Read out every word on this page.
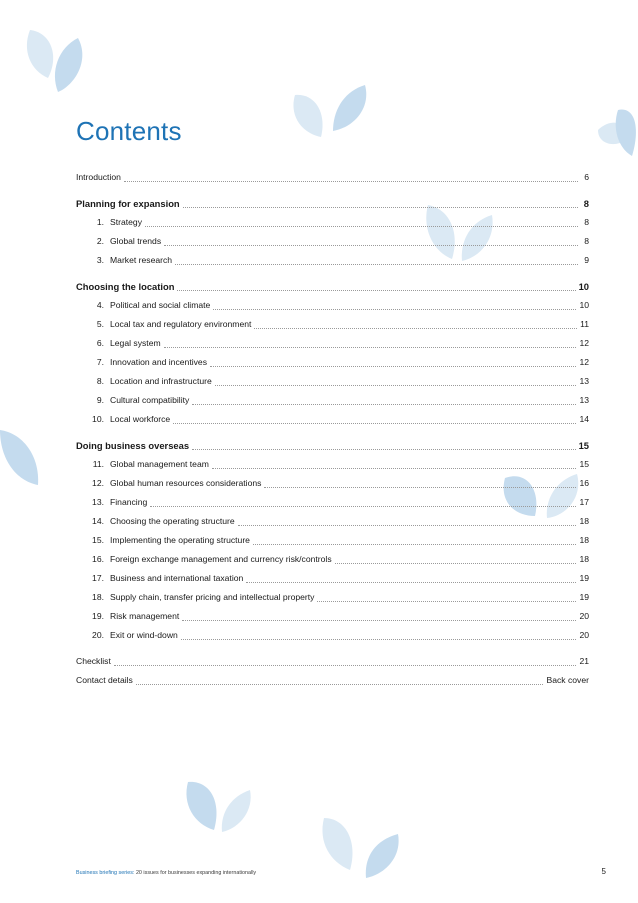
Contents
Introduction	6
Planning for expansion	8
1. Strategy	8
2. Global trends	8
3. Market research	9
Choosing the location	10
4. Political and social climate	10
5. Local tax and regulatory environment	11
6. Legal system	12
7. Innovation and incentives	12
8. Location and infrastructure	13
9. Cultural compatibility	13
10. Local workforce	14
Doing business overseas	15
11. Global management team	15
12. Global human resources considerations	16
13. Financing	17
14. Choosing the operating structure	18
15. Implementing the operating structure	18
16. Foreign exchange management and currency risk/controls	18
17. Business and international taxation	19
18. Supply chain, transfer pricing and intellectual property	19
19. Risk management	20
20. Exit or wind-down	20
Checklist	21
Contact details	Back cover
Business briefing series: 20 issues for businesses expanding internationally	5
